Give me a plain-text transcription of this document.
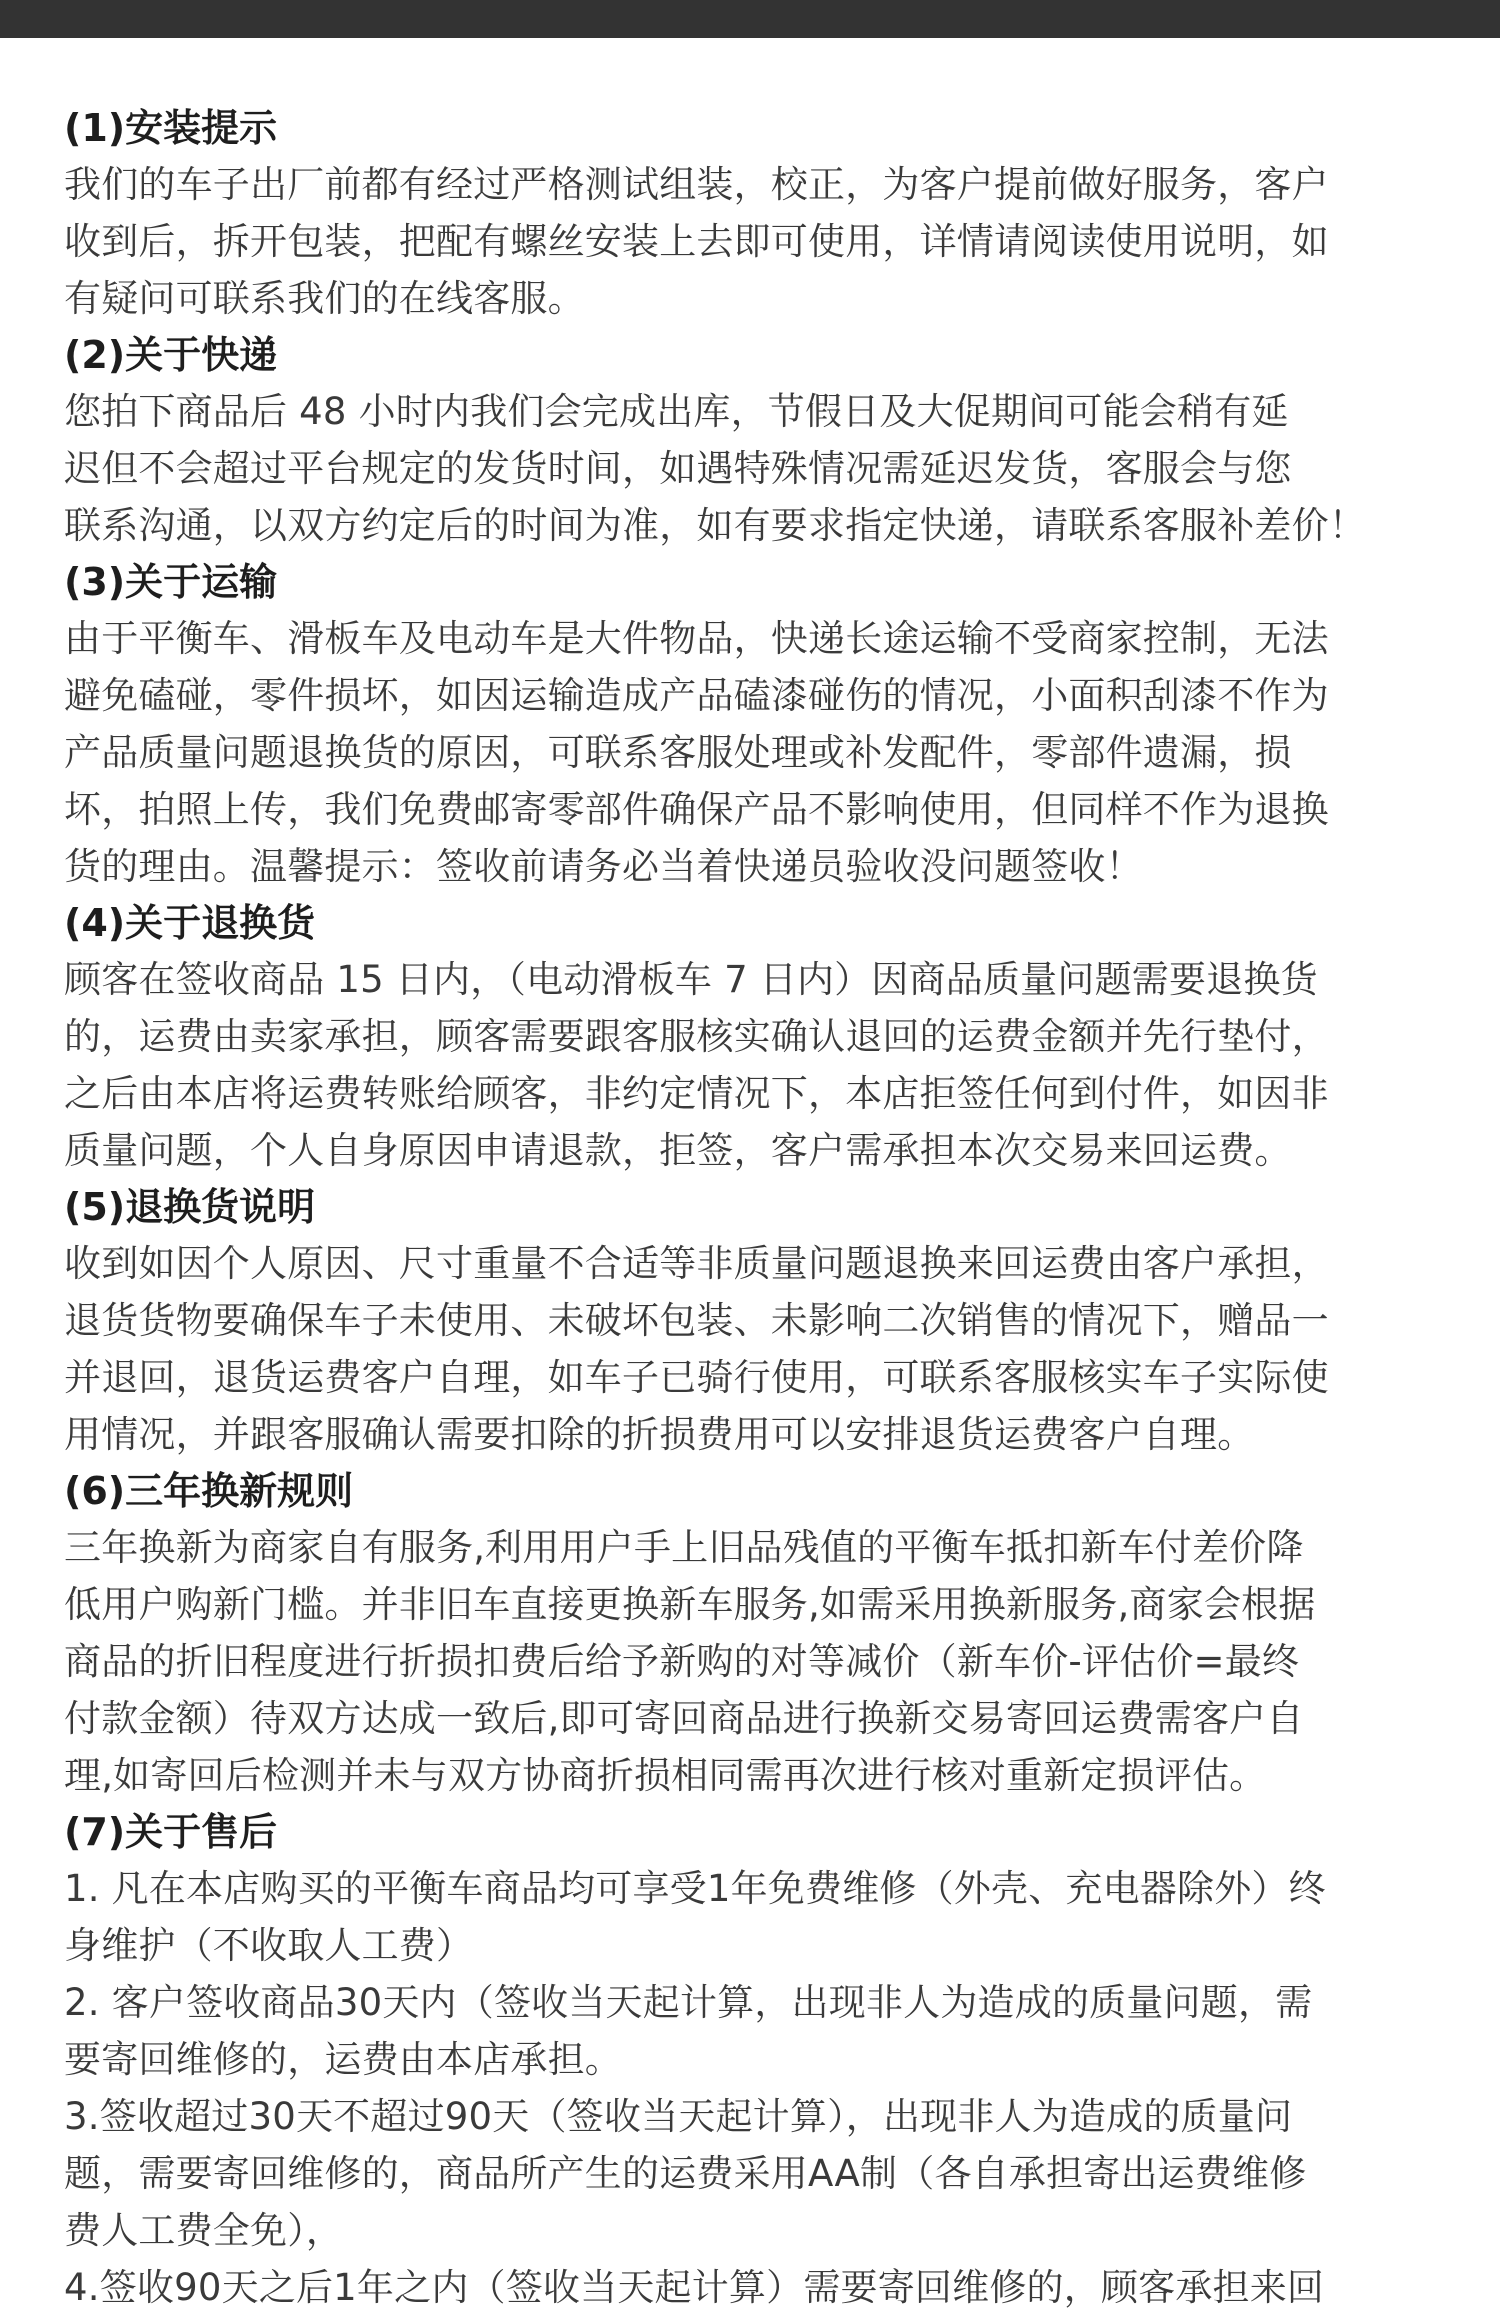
(1)安装提示

我们的车子出厂前都有经过严格测试组装，校正，为客户提前做好服务，客户

收到后，拆开包装，把配有螺丝安装上去即可使用，详情请阅读使用说明，如

有疑问可联系我们的在线客服。

(2)关于快递

您拍下商品后 48 小时内我们会完成出库，节假日及大促期间可能会稍有延

迟但不会超过平台规定的发货时间，如遇特殊情况需延迟发货，客服会与您

联系沟通，以双方约定后的时间为准，如有要求指定快递，请联系客服补差价！

(3)关于运输

由于平衡车、滑板车及电动车是大件物品，快递长途运输不受商家控制，无法

避免磕碰，零件损坏，如因运输造成产品磕漆碰伤的情况，小面积刮漆不作为

产品质量问题退换货的原因，可联系客服处理或补发配件，零部件遗漏，损

坏，拍照上传，我们免费邮寄零部件确保产品不影响使用，但同样不作为退换

货的理由。温馨提示：签收前请务必当着快递员验收没问题签收！

(4)关于退换货

顾客在签收商品 15 日内，（电动滑板车 7 日内）因商品质量问题需要退换货

的，运费由卖家承担，顾客需要跟客服核实确认退回的运费金额并先行垫付，

之后由本店将运费转账给顾客，非约定情况下，本店拒签任何到付件，如因非

质量问题，个人自身原因申请退款，拒签，客户需承担本次交易来回运费。

(5)退换货说明

收到如因个人原因、尺寸重量不合适等非质量问题退换来回运费由客户承担，

退货货物要确保车子未使用、未破坏包装、未影响二次销售的情况下，赠品一

并退回，退货运费客户自理，如车子已骑行使用，可联系客服核实车子实际使

用情况，并跟客服确认需要扣除的折损费用可以安排退货运费客户自理。

(6)三年换新规则

三年换新为商家自有服务,利用用户手上旧品残值的平衡车抵扣新车付差价降

低用户购新门槛。并非旧车直接更换新车服务,如需采用换新服务,商家会根据

商品的折旧程度进行折损扣费后给予新购的对等减价（新车价-评估价=最终

付款金额）待双方达成一致后,即可寄回商品进行换新交易寄回运费需客户自

理,如寄回后检测并未与双方协商折损相同需再次进行核对重新定损评估。

(7)关于售后

1. 凡在本店购买的平衡车商品均可享受1年免费维修（外壳、充电器除外）终

身维护（不收取人工费）

2. 客户签收商品30天内（签收当天起计算，出现非人为造成的质量问题，需

要寄回维修的，运费由本店承担。

3.签收超过30天不超过90天（签收当天起计算），出现非人为造成的质量问

题，需要寄回维修的，商品所产生的运费采用AA制（各自承担寄出运费维修

费人工费全免），

4.签收90天之后1年之内（签收当天起计算）需要寄回维修的，顾客承担来回
